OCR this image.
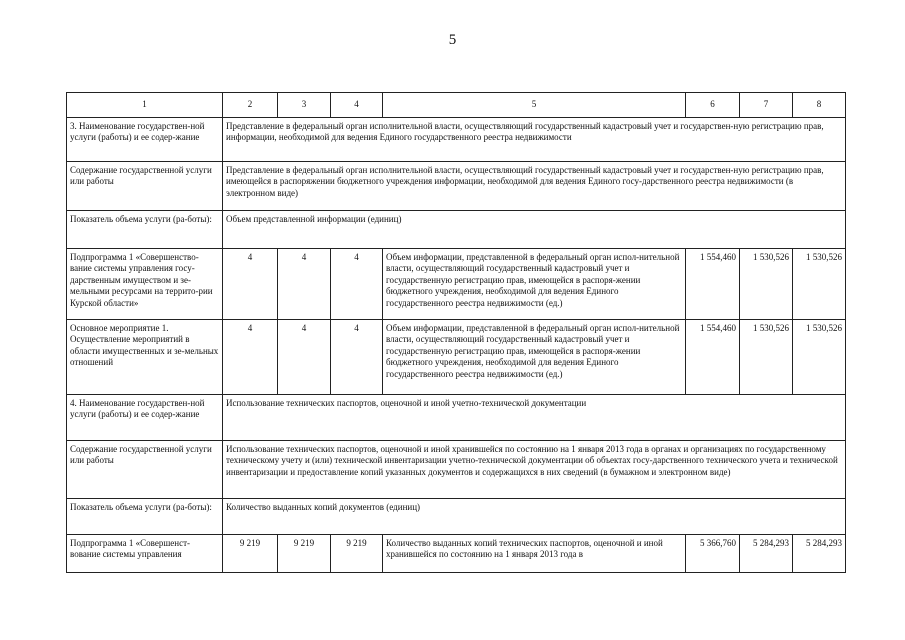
5
1	2	3	4	5	6	7	8
3. Наименование государствен-ной услуги (работы) и ее содер-жание	Представление в федеральный орган исполнительной власти, осуществляющий государственный кадастровый учет и государствен-ную регистрацию прав, информации, необходимой для ведения Единого государственного реестра недвижимости						
Содержание государственной услуги или работы	Представление в федеральный орган исполнительной власти, осуществляющий государственный кадастровый учет и государствен-ную регистрацию прав, имеющейся в распоряжении бюджетного учреждения информации, необходимой для ведения Единого госу-дарственного реестра недвижимости (в электронном виде)						
Показатель объема услуги (ра-боты):	Объем представленной информации (единиц)						
Подпрограмма 1 «Совершенство-вание системы управления госу-дарственным имуществом и зе-мельными ресурсами на террито-рии Курской области»	4	4	4	Объем информации, представленной в федеральный орган испол-нительной власти, осуществляющий государственный кадастровый учет и государственную регистрацию прав, имеющейся в распоря-жении бюджетного учреждения, необходимой для ведения Единого государственного реестра недвижимости (ед.)	1 554,460	1 530,526	1 530,526
Основное мероприятие 1. Осуществление мероприятий в области имущественных и зе-мельных отношений	4	4	4	Объем информации, представленной в федеральный орган испол-нительной власти, осуществляющий государственный кадастровый учет и государственную регистрацию прав, имеющейся в распоря-жении бюджетного учреждения, необходимой для ведения Единого государственного реестра недвижимости (ед.)	1 554,460	1 530,526	1 530,526
4. Наименование государствен-ной услуги (работы) и ее содер-жание	Использование технических паспортов, оценочной и иной учетно-технической документации						
Содержание государственной услуги или работы	Использование технических паспортов, оценочной и иной хранившейся по состоянию на 1 января 2013 года в органах и организациях по государственному техническому учету и (или) технической инвентаризации учетно-технической документации об объектах госу-дарственного технического учета и технической инвентаризации и предоставление копий указанных документов и содержащихся в них сведений (в бумажном и электронном виде)						
Показатель объема услуги (ра-боты):	Количество выданных копий документов (единиц)						
Подпрограмма 1 «Совершенст-вование системы управления	9 219	9 219	9 219	Количество выданных копий технических паспортов, оценочной и иной хранившейся по состоянию на 1 января 2013 года в	5 366,760	5 284,293	5 284,293
